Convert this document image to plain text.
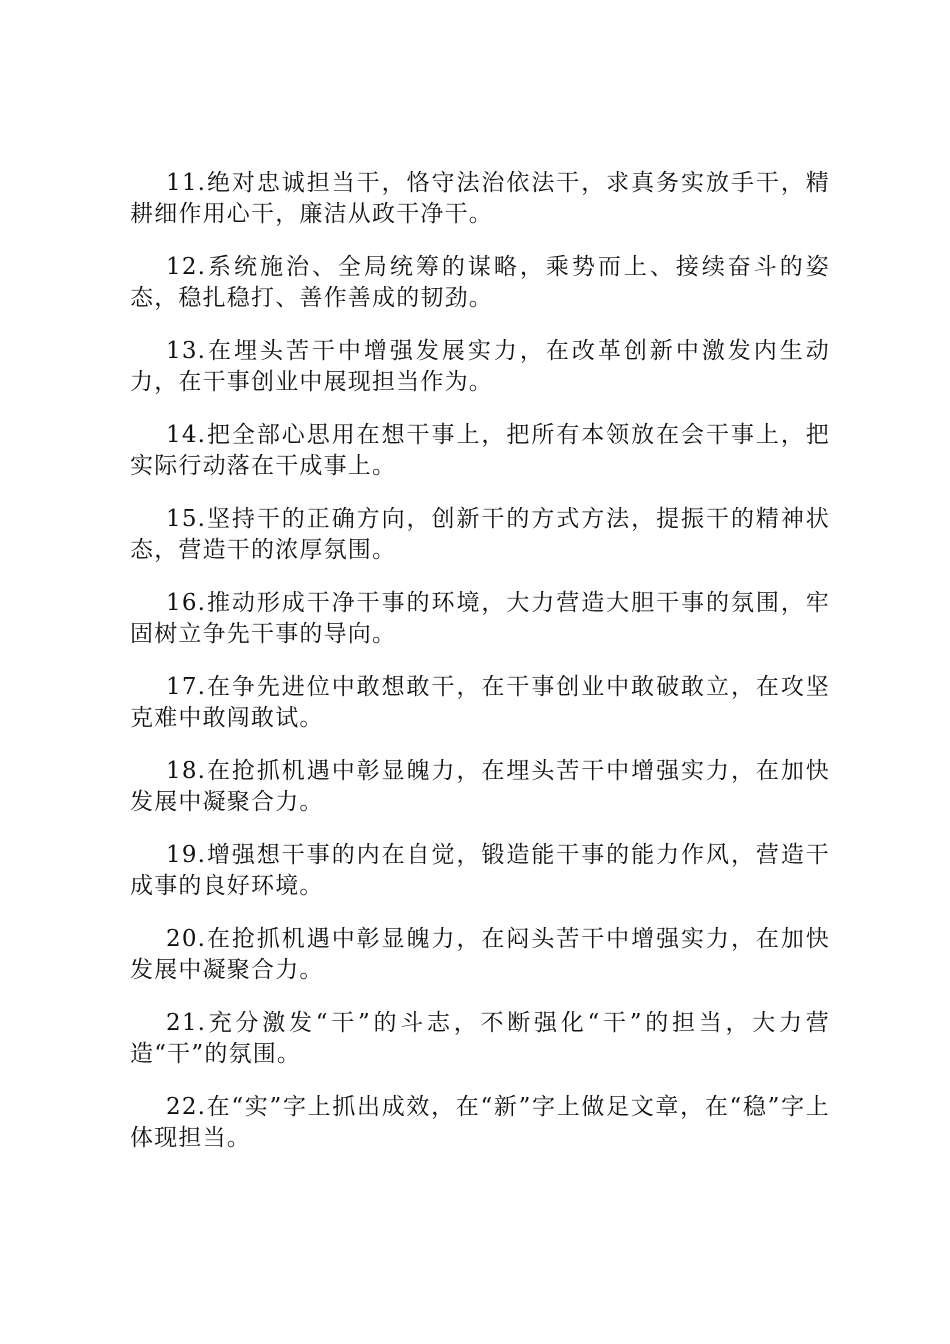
11.绝对忠诚担当干，恪守法治依法干，求真务实放手干，精耕细作用心干，廉洁从政干净干。

12.系统施治、全局统筹的谋略，乘势而上、接续奋斗的姿态，稳扎稳打、善作善成的韧劲。

13.在埋头苦干中增强发展实力，在改革创新中激发内生动力，在干事创业中展现担当作为。

14.把全部心思用在想干事上，把所有本领放在会干事上，把实际行动落在干成事上。

15.坚持干的正确方向，创新干的方式方法，提振干的精神状态，营造干的浓厚氛围。

16.推动形成干净干事的环境，大力营造大胆干事的氛围，牢固树立争先干事的导向。

17.在争先进位中敢想敢干，在干事创业中敢破敢立，在攻坚克难中敢闯敢试。

18.在抢抓机遇中彰显魄力，在埋头苦干中增强实力，在加快发展中凝聚合力。

19.增强想干事的内在自觉，锻造能干事的能力作风，营造干成事的良好环境。

20.在抢抓机遇中彰显魄力，在闷头苦干中增强实力，在加快发展中凝聚合力。

21.充分激发“干”的斗志，不断强化“干”的担当，大力营造“干”的氛围。

22.在“实”字上抓出成效，在“新”字上做足文章，在“稳”字上体现担当。
